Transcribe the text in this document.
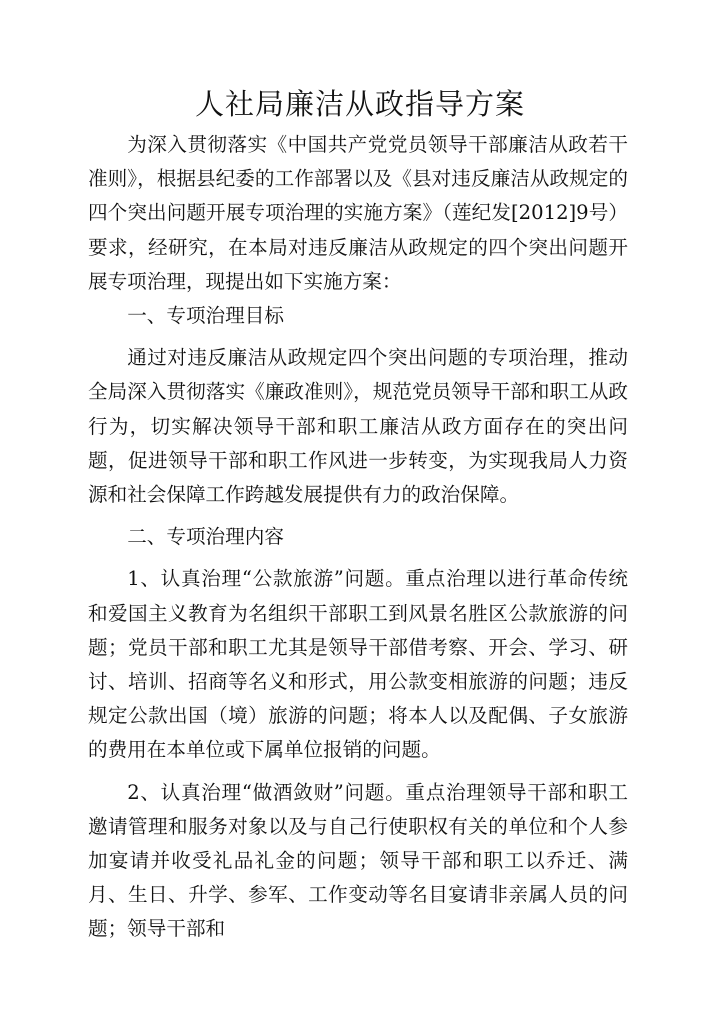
人社局廉洁从政指导方案

为深入贯彻落实《中国共产党党员领导干部廉洁从政若干准则》，根据县纪委的工作部署以及《县对违反廉洁从政规定的四个突出问题开展专项治理的实施方案》（莲纪发[2012]9号）要求，经研究，在本局对违反廉洁从政规定的四个突出问题开展专项治理，现提出如下实施方案：

一、专项治理目标

通过对违反廉洁从政规定四个突出问题的专项治理，推动全局深入贯彻落实《廉政准则》，规范党员领导干部和职工从政行为，切实解决领导干部和职工廉洁从政方面存在的突出问题，促进领导干部和职工作风进一步转变，为实现我局人力资源和社会保障工作跨越发展提供有力的政治保障。

二、专项治理内容

1、认真治理“公款旅游”问题。重点治理以进行革命传统和爱国主义教育为名组织干部职工到风景名胜区公款旅游的问题；党员干部和职工尤其是领导干部借考察、开会、学习、研讨、培训、招商等名义和形式，用公款变相旅游的问题；违反规定公款出国（境）旅游的问题；将本人以及配偶、子女旅游的费用在本单位或下属单位报销的问题。

2、认真治理“做酒敛财”问题。重点治理领导干部和职工邀请管理和服务对象以及与自己行使职权有关的单位和个人参加宴请并收受礼品礼金的问题；领导干部和职工以乔迁、满月、生日、升学、参军、工作变动等名目宴请非亲属人员的问题；领导干部和
